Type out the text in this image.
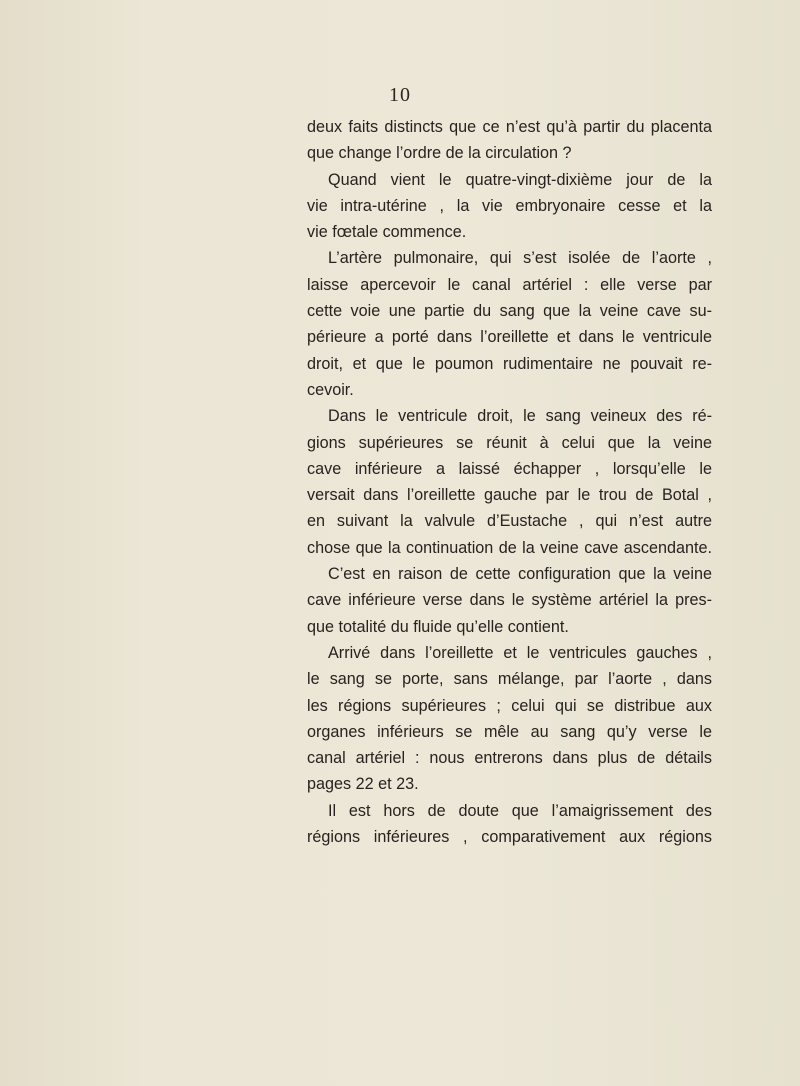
10
deux faits distincts que ce n’est qu’à partir du placenta
que change l’ordre de la circulation ?
Quand vient le quatre-vingt-dixième jour de la
vie intra-utérine , la vie embryonaire cesse et la
vie fœtale commence.
L’artère pulmonaire, qui s’est isolée de l’aorte ,
laisse apercevoir le canal artériel : elle verse par
cette voie une partie du sang que la veine cave su-
périeure a porté dans l’oreillette et dans le ventricule
droit, et que le poumon rudimentaire ne pouvait re-
cevoir.
Dans le ventricule droit, le sang veineux des ré-
gions supérieures se réunit à celui que la veine
cave inférieure a laissé échapper , lorsqu’elle le
versait dans l’oreillette gauche par le trou de Botal ,
en suivant la valvule d’Eustache , qui n’est autre
chose que la continuation de la veine cave ascendante.
C’est en raison de cette configuration que la veine
cave inférieure verse dans le système artériel la pres-
que totalité du fluide qu’elle contient.
Arrivé dans l’oreillette et le ventricules gauches ,
le sang se porte, sans mélange, par l’aorte , dans
les régions supérieures ; celui qui se distribue aux
organes inférieurs se mêle au sang qu’y verse le
canal artériel : nous entrerons dans plus de détails
pages 22 et 23.
Il est hors de doute que l’amaigrissement des
régions inférieures , comparativement aux régions
